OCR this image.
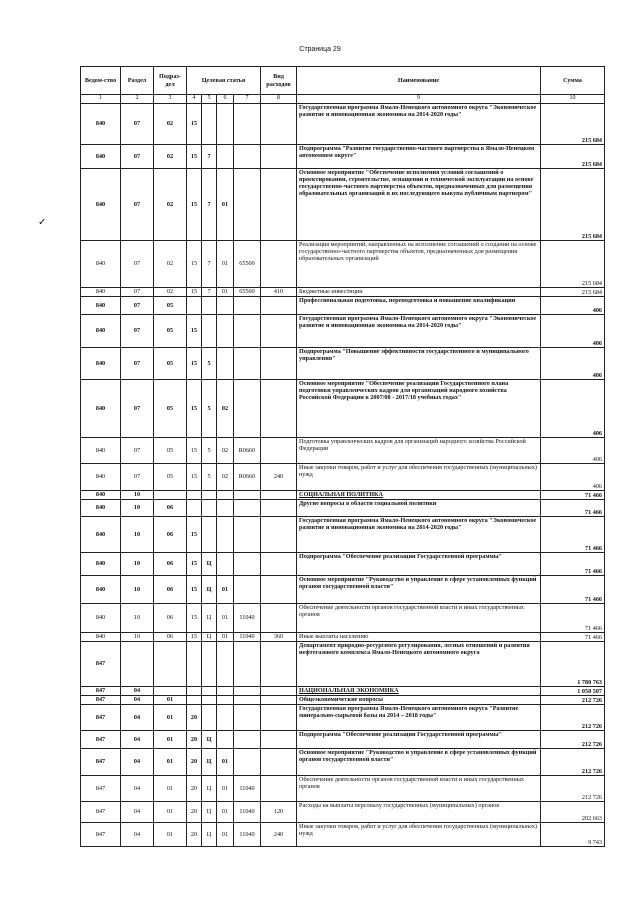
Страница 29
✓
Ведом-ство	Раздел	Подраз-дел	Целевая статья				Вид расходов	Наименование	Сумма
1	2	3	4	5	6	7	8	9	10
840	07	02	15					Государственная программа Ямало-Ненецкого автономного округа "Экономическое развитие и инновационная экономика на 2014-2020 годы"	215 684
840	07	02	15	7				Подпрограмма "Развитие государственно-частного партнерства в Ямало-Ненецком автономном округе"	215 684
840	07	02	15	7	01			Основное мероприятие "Обеспечение исполнения условий соглашений о проектировании, строительстве, оснащении и технической эксплуатации на основе государственно-частного партнерства объектов, предназначенных для размещения образовательных организаций и их последующего выкупа публичным партнером"	215 684
840	07	02	15	7	01	65500		Реализация мероприятий, направленных на исполнение соглашений о создании на основе государственно-частного партнерства объектов, предназначенных для размещения образовательных организаций	215 684
840	07	02	15	7	01	65500	410	Бюджетные инвестиции	215 684
840	07	05						Профессиональная подготовка, переподготовка и повышение квалификации	406
840	07	05	15					Государственная программа Ямало-Ненецкого автономного округа "Экономическое развитие и инновационная экономика на 2014-2020 годы"	406
840	07	05	15	5				Подпрограмма "Повышение эффективности государственного и муниципального управления"	406
840	07	05	15	5	02			Основное мероприятие "Обеспечение реализации Государственного плана подготовки управленческих кадров для организаций народного хозяйства Российской Федерации в 2007/08 - 2017/18 учебных годах"	406
840	07	05	15	5	02	R0660		Подготовка управленческих кадров для организаций народного хозяйства Российской Федерации	406
840	07	05	15	5	02	R0660	240	Иные закупки товаров, работ и услуг для обеспечения государственных (муниципальных) нужд	406
840	10							СОЦИАЛЬНАЯ ПОЛИТИКА	71 466
840	10	06						Другие вопросы в области социальной политики	71 466
840	10	06	15					Государственная программа Ямало-Ненецкого автономного округа "Экономическое развитие и инновационная экономика на 2014-2020 годы"	71 466
840	10	06	15	Ц				Подпрограмма "Обеспечение реализации Государственной программы"	71 466
840	10	06	15	Ц	01			Основное мероприятие "Руководство и управление в сфере установленных функций органов государственной власти"	71 466
840	10	06	15	Ц	01	11040		Обеспечение деятельности органов государственной власти и иных государственных органов	71 466
840	10	06	15	Ц	01	11040	360	Иные выплаты населению	71 466
847								Департамент природно-ресурсного регулирования, лесных отношений и развития нефтегазового комплекса Ямало-Ненецкого автономного округа	1 780 763
847	04							НАЦИОНАЛЬНАЯ ЭКОНОМИКА	1 050 507
847	04	01						Общеэкономические вопросы	212 726
847	04	01	20					Государственная программа Ямало-Ненецкого автономного округа "Развитие минерально-сырьевой базы на 2014 – 2018 годы"	212 726
847	04	01	20	Ц				Подпрограмма "Обеспечение реализации Государственной программы"	212 726
847	04	01	20	Ц	01			Основное мероприятие "Руководство и управление в сфере установленных функций органов государственной власти"	212 726
847	04	01	20	Ц	01	11040		Обеспечение деятельности органов государственной власти и иных государственных органов	212 726
847	04	01	20	Ц	01	11040	120	Расходы на выплаты персоналу государственных (муниципальных) органов	202 663
847	04	01	20	Ц	01	11040	240	Иные закупки товаров, работ и услуг для обеспечения государственных (муниципальных) нужд	9 743
